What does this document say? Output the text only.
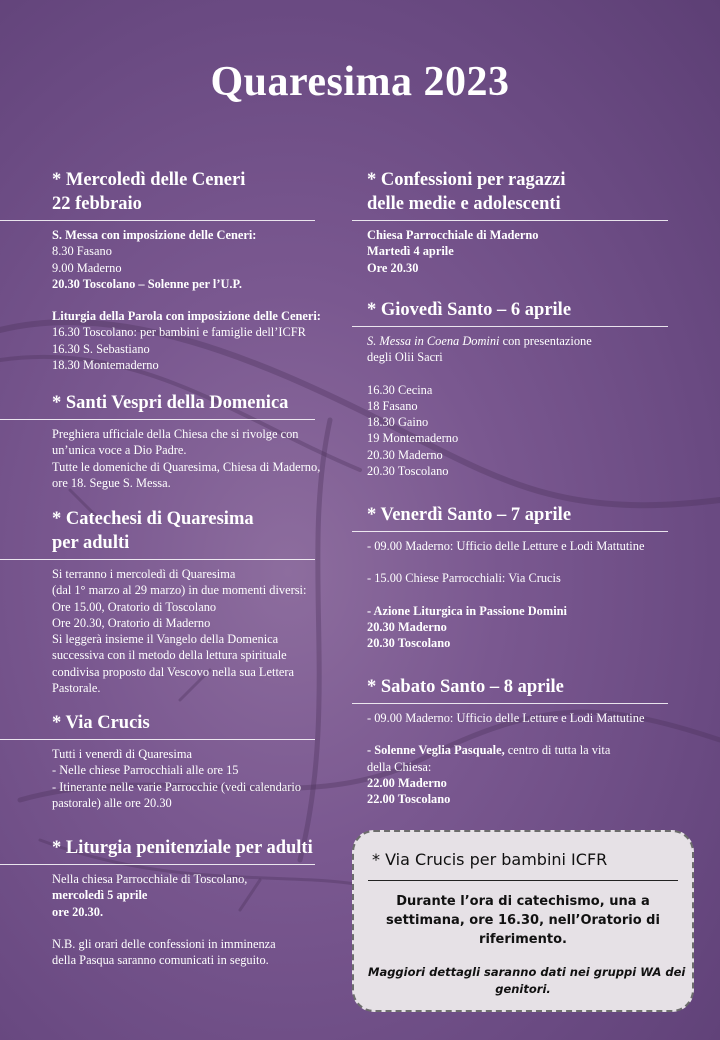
Quaresima 2023
* Mercoledì delle Ceneri
22 febbraio
S. Messa con imposizione delle Ceneri:
8.30 Fasano
9.00 Maderno
20.30 Toscolano – Solenne per l’U.P.
Liturgia della Parola con imposizione delle Ceneri:
16.30 Toscolano: per bambini e famiglie dell’ICFR
16.30 S. Sebastiano
18.30 Montemaderno
* Santi Vespri della Domenica
Preghiera ufficiale della Chiesa che si rivolge con
un’unica voce a Dio Padre.
Tutte le domeniche di Quaresima, Chiesa di Maderno,
ore 18. Segue S. Messa.
* Catechesi di Quaresima
per adulti
Si terranno i mercoledì di Quaresima
(dal 1° marzo al 29 marzo) in due momenti diversi:
Ore 15.00, Oratorio di Toscolano
Ore 20.30, Oratorio di Maderno
Si leggerà insieme il Vangelo della Domenica
successiva con il metodo della lettura spirituale
condivisa proposto dal Vescovo nella sua Lettera
Pastorale.
* Via Crucis
Tutti i venerdì di Quaresima
- Nelle chiese Parrocchiali alle ore 15
- Itinerante nelle varie Parrocchie (vedi calendario
pastorale) alle ore 20.30
* Liturgia penitenziale per adulti
Nella chiesa Parrocchiale di Toscolano,
mercoledì 5 aprile
ore 20.30.
N.B. gli orari delle confessioni in imminenza
della Pasqua saranno comunicati in seguito.
* Confessioni per ragazzi
delle medie e adolescenti
Chiesa Parrocchiale di Maderno
Martedì 4 aprile
Ore 20.30
* Giovedì Santo – 6 aprile
S. Messa in Coena Domini con presentazione
degli Olii Sacri
16.30 Cecina
18 Fasano
18.30 Gaino
19 Montemaderno
20.30 Maderno
20.30 Toscolano
* Venerdì Santo – 7 aprile
- 09.00 Maderno: Ufficio delle Letture e Lodi Mattutine
- 15.00 Chiese Parrocchiali: Via Crucis
- Azione Liturgica in Passione Domini
20.30 Maderno
20.30 Toscolano
* Sabato Santo – 8 aprile
- 09.00 Maderno: Ufficio delle Letture e Lodi Mattutine
- Solenne Veglia Pasquale, centro di tutta la vita
della Chiesa:
22.00 Maderno
22.00 Toscolano
* Via Crucis per bambini ICFR
Durante l’ora di catechismo, una a
settimana, ore 16.30, nell’Oratorio di
riferimento.
Maggiori dettagli saranno dati nei gruppi WA dei
genitori.
